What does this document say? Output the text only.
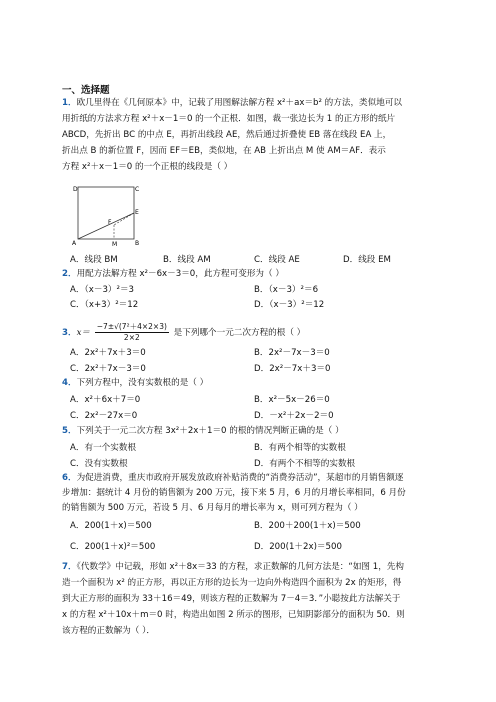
一、选择题
1．欧几里得在《几何原本》中，记载了用图解法解方程 x²＋ax＝b² 的方法，类似地可以
用折纸的方法求方程 x²＋x－1＝0 的一个正根．如图，裁一张边长为 1 的正方形的纸片
ABCD，先折出 BC 的中点 E，再折出线段 AE，然后通过折叠使 EB 落在线段 EA 上，
折出点 B 的新位置 F，因而 EF＝EB，类似地，在 AB 上折出点 M 使 AM＝AF．表示
方程 x²＋x－1＝0 的一个正根的线段是（ ）
D	C
E
F
A	M	B
A．线段 BM	B．线段 AM	C．线段 AE	D．线段 EM
2．用配方法解方程 x²－6x－3＝0，此方程可变形为（ ）
A．（x－3）²＝3	B．（x－3）²＝6
C．（x+3）²＝12	D．（x－3）²＝12
3．$x= \frac{\text{−7±√(7²＋4×2×3)}}{2\times 2}$ 是下列哪个一元二次方程的根（ ）
A．2x²＋7x＋3＝0	B．2x²－7x－3＝0
C．2x²＋7x－3＝0	D．2x²－7x＋3＝0
4．下列方程中，没有实数根的是（ ）
A．x²＋6x＋7＝0	B．x²－5x－26＝0
C．2x²－27x＝0	D．－x²＋2x－2＝0
5．下列关于一元二次方程 3x²＋2x＋1＝0 的根的情况判断正确的是（ ）
A．有一个实数根	B．有两个相等的实数根
C．没有实数根	D．有两个不相等的实数根
6．为促进消费，重庆市政府开展发放政府补贴消费的“消费券活动”，某超市的月销售额逐
步增加：据统计 4 月份的销售额为 200 万元，接下来 5 月，6 月的月增长率相同，6 月份
的销售额为 500 万元，若设 5 月、6 月每月的增长率为 x，则可列方程为（ ）
A．200(1＋x)＝500	B．200＋200(1＋x)＝500
C．200(1＋x)²＝500	D．200(1＋2x)＝500
7．《代数学》中记载，形如 x²＋8x＝33 的方程，求正数解的几何方法是：“如图 1，先构
造一个面积为 x² 的正方形，再以正方形的边长为一边向外构造四个面积为 2x 的矩形，得
到大正方形的面积为 33＋16＝49，则该方程的正数解为 7－4＝3．”小聪按此方法解关于
x 的方程 x²＋10x＋m＝0 时，构造出如图 2 所示的图形，已知阴影部分的面积为 50．则
该方程的正数解为（ ）．
